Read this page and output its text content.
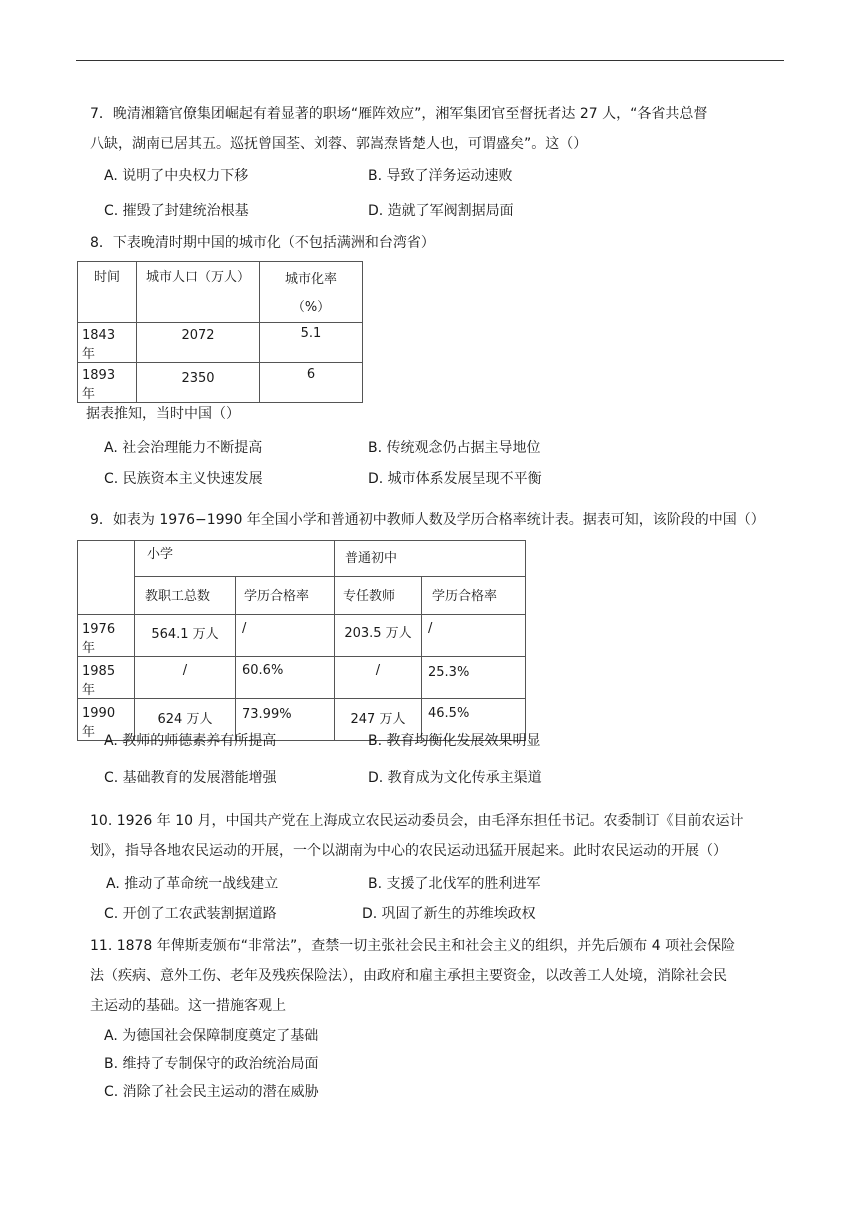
7．晚清湘籍官僚集团崛起有着显著的职场“雁阵效应”，湘军集团官至督抚者达 27 人，“各省共总督
八缺，湖南已居其五。巡抚曾国荃、刘蓉、郭嵩焘皆楚人也，可谓盛矣”。这（）
A. 说明了中央权力下移	B. 导致了洋务运动速败
C. 摧毁了封建统治根基	D. 造就了军阀割据局面
8．下表晚清时期中国的城市化（不包括满洲和台湾省）
时间	城市人口（万人）	城市化率
（%）

1843 年	2072	5.1
1893 年	2350	6
据表推知，当时中国（）
A. 社会治理能力不断提高	B. 传统观念仍占据主导地位
C. 民族资本主义快速发展	D. 城市体系发展呈现不平衡
9．如表为 1976−1990 年全国小学和普通初中教师人数及学历合格率统计表。据表可知，该阶段的中国（）
	小学		普通初中	
	教职工总数	学历合格率	专任教师	学历合格率
1976 年	564.1 万人	/	203.5 万人	/
1985 年	/	60.6%	/	25.3%
1990 年	624 万人	73.99%	247 万人	46.5%
A. 教师的师德素养有所提高	B. 教育均衡化发展效果明显
C. 基础教育的发展潜能增强	D. 教育成为文化传承主渠道
10. 1926 年 10 月，中国共产党在上海成立农民运动委员会，由毛泽东担任书记。农委制订《目前农运计
划》，指导各地农民运动的开展，一个以湖南为中心的农民运动迅猛开展起来。此时农民运动的开展（）
A. 推动了革命统一战线建立	B. 支援了北伐军的胜利进军
C. 开创了工农武装割据道路	D. 巩固了新生的苏维埃政权
11. 1878 年俾斯麦颁布“非常法”，查禁一切主张社会民主和社会主义的组织，并先后颁布 4 项社会保险
法（疾病、意外工伤、老年及残疾保险法），由政府和雇主承担主要资金，以改善工人处境，消除社会民
主运动的基础。这一措施客观上
A. 为德国社会保障制度奠定了基础
B. 维持了专制保守的政治统治局面
C. 消除了社会民主运动的潜在威胁
